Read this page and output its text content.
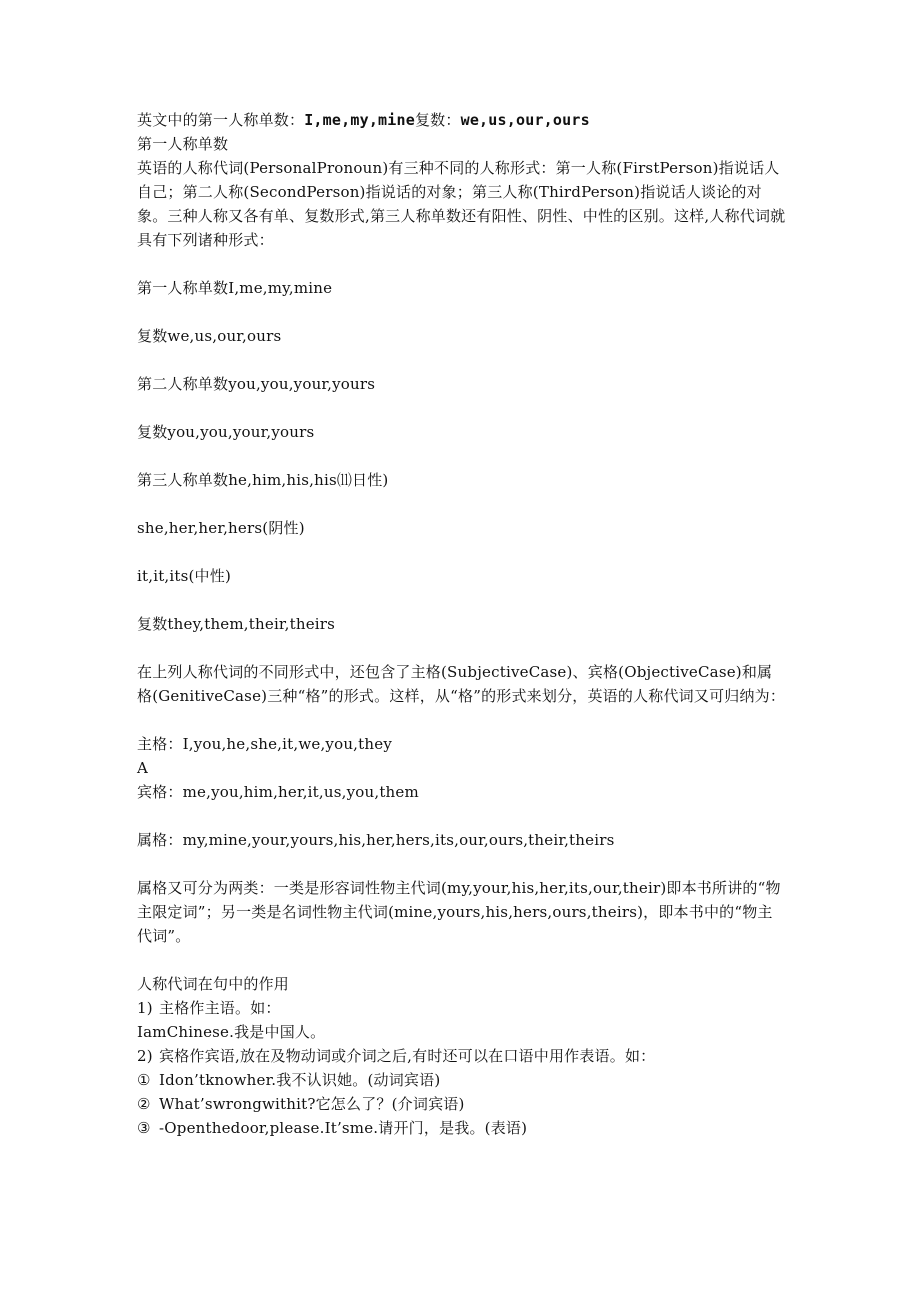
英文中的第一人称单数：I,me,my,mine复数：we,us,our,ours

第一人称单数

英语的人称代词(PersonalPronoun)有三种不同的人称形式：第一人称(FirstPerson)指说话人自己；第二人称(SecondPerson)指说话的对象；第三人称(ThirdPerson)指说话人谈论的对象。三种人称又各有单、复数形式,第三人称单数还有阳性、阴性、中性的区别。这样,人称代词就具有下列诸种形式：

第一人称单数I,me,my,mine

复数we,us,our,ours

第二人称单数you,you,your,yours

复数you,you,your,yours

第三人称单数he,him,his,his⑾日性)

she,her,her,hers(阴性)

it,it,its(中性)

复数they,them,their,theirs

在上列人称代词的不同形式中，还包含了主格(SubjectiveCase)、宾格(ObjectiveCase)和属格(GenitiveCase)三种“格”的形式。这样，从“格”的形式来划分，英语的人称代词又可归纳为：

主格：I,you,he,she,it,we,you,they

A

宾格：me,you,him,her,it,us,you,them

属格：my,mine,your,yours,his,her,hers,its,our,ours,their,theirs

属格又可分为两类：一类是形容词性物主代词(my,your,his,her,its,our,their)即本书所讲的“物主限定词”；另一类是名词性物主代词(mine,yours,his,hers,ours,theirs)，即本书中的“物主代词”。

人称代词在句中的作用

1) 主格作主语。如：

IamChinese.我是中国人。

2) 宾格作宾语,放在及物动词或介词之后,有时还可以在口语中用作表语。如：

① Idon’tknowher.我不认识她。(动词宾语)

② What’swrongwithit?它怎么了？(介词宾语)

③ -Openthedoor,please.It’sme.请开门，是我。(表语)
